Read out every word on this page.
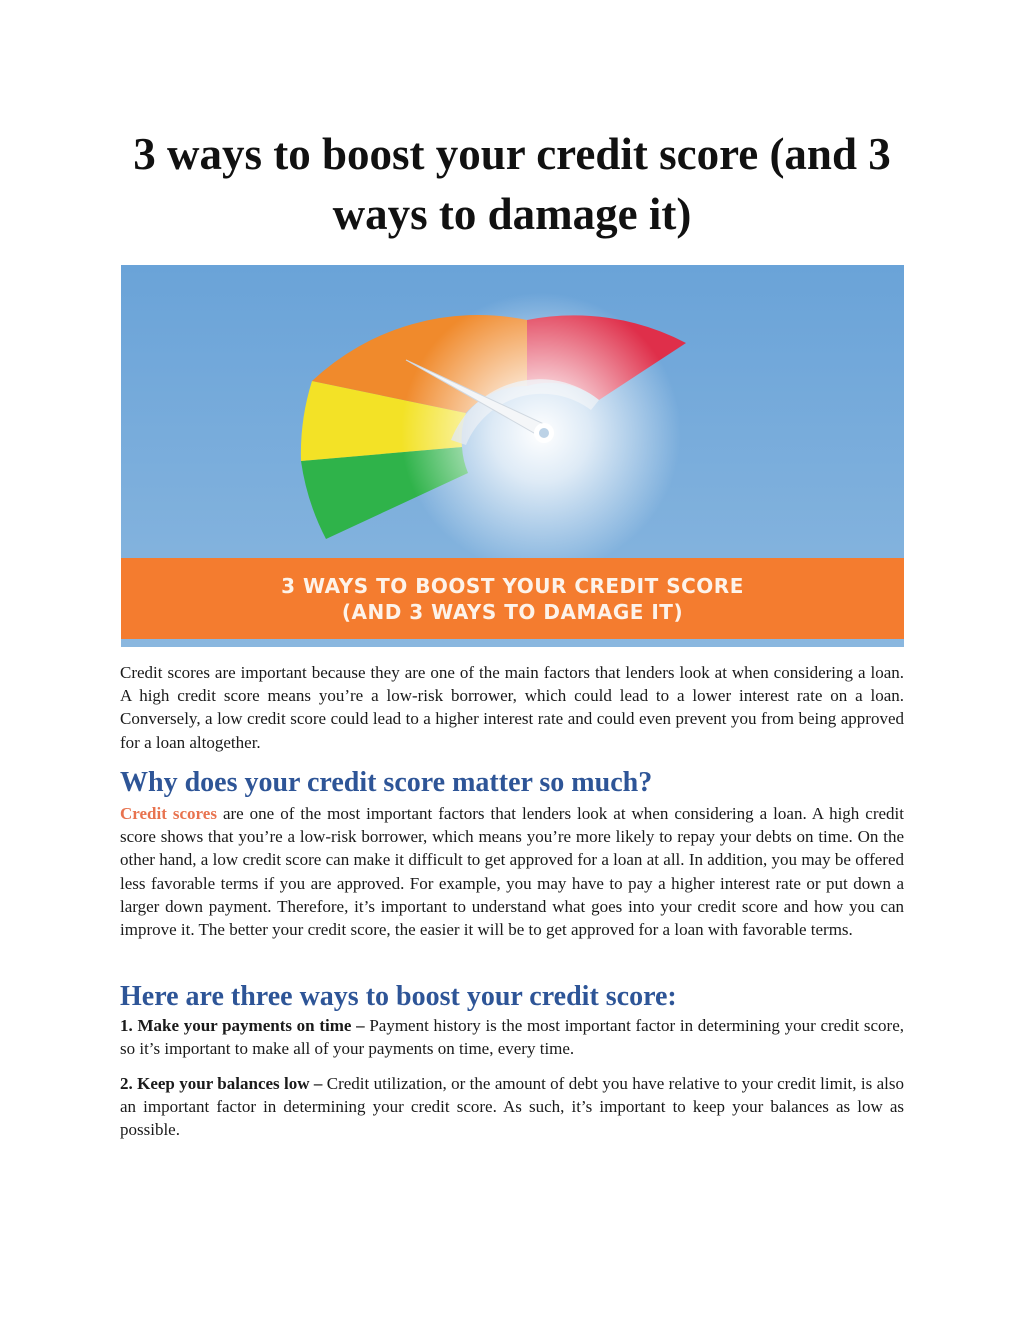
3 ways to boost your credit score (and 3 ways to damage it)
3 WAYS TO BOOST YOUR CREDIT SCORE
(AND 3 WAYS TO DAMAGE IT)

Credit scores are important because they are one of the main factors that lenders look at when considering a loan. A high credit score means you’re a low-risk borrower, which could lead to a lower interest rate on a loan. Conversely, a low credit score could lead to a higher interest rate and could even prevent you from being approved for a loan altogether.

Why does your credit score matter so much?

Credit scores are one of the most important factors that lenders look at when considering a loan. A high credit score shows that you’re a low-risk borrower, which means you’re more likely to repay your debts on time. On the other hand, a low credit score can make it difficult to get approved for a loan at all. In addition, you may be offered less favorable terms if you are approved. For example, you may have to pay a higher interest rate or put down a larger down payment. Therefore, it’s important to understand what goes into your credit score and how you can improve it. The better your credit score, the easier it will be to get approved for a loan with favorable terms.

Here are three ways to boost your credit score:

1. Make your payments on time – Payment history is the most important factor in determining your credit score, so it’s important to make all of your payments on time, every time.

2. Keep your balances low – Credit utilization, or the amount of debt you have relative to your credit limit, is also an important factor in determining your credit score. As such, it’s important to keep your balances as low as possible.
